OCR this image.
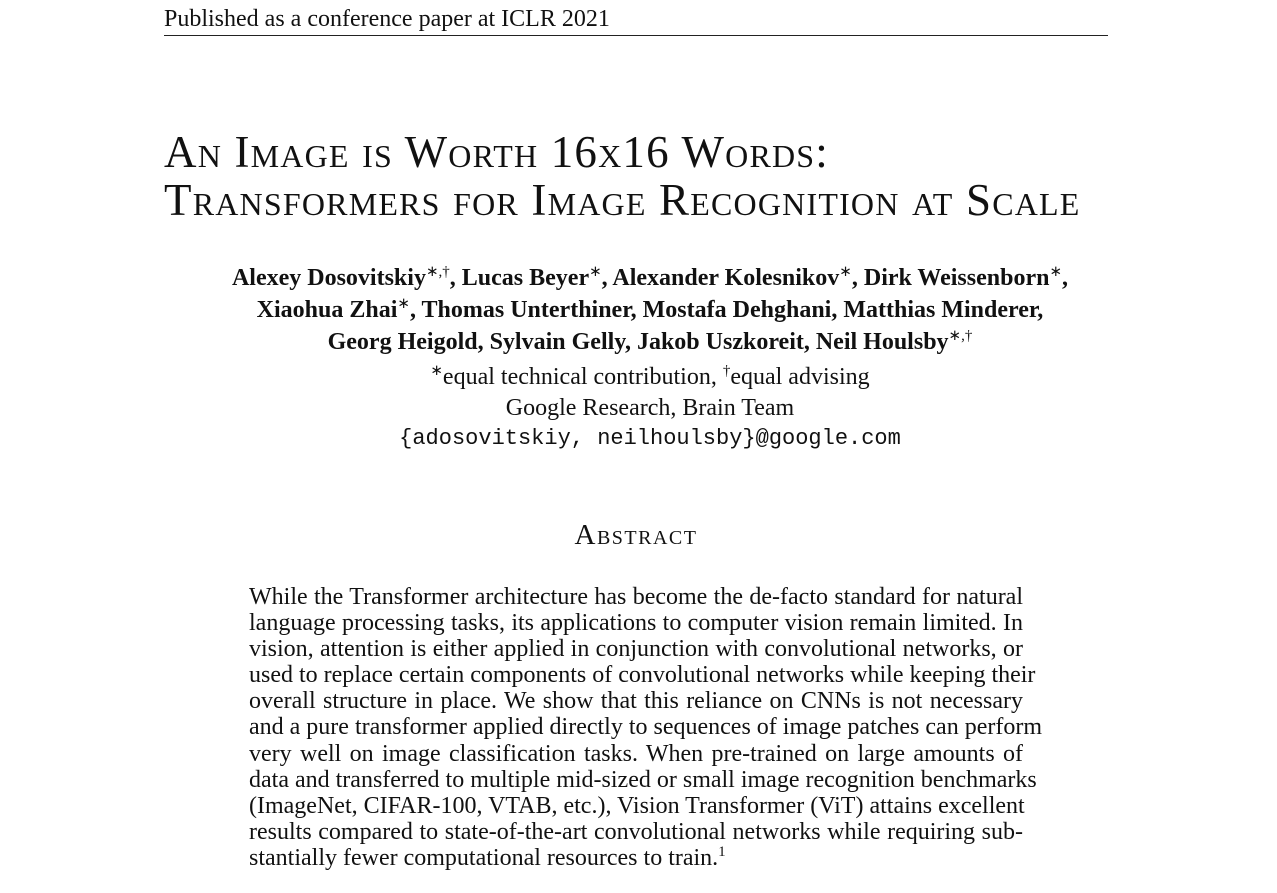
Published as a conference paper at ICLR 2021
An Image is Worth 16x16 Words:
Transformers for Image Recognition at Scale
Alexey Dosovitskiy∗,†, Lucas Beyer∗, Alexander Kolesnikov∗, Dirk Weissenborn∗,
Xiaohua Zhai∗, Thomas Unterthiner, Mostafa Dehghani, Matthias Minderer,
Georg Heigold, Sylvain Gelly, Jakob Uszkoreit, Neil Houlsby∗,†
∗equal technical contribution, †equal advising
Google Research, Brain Team
{adosovitskiy, neilhoulsby}@google.com
Abstract
While the Transformer architecture has become the de-facto standard for natural
language processing tasks, its applications to computer vision remain limited. In
vision, attention is either applied in conjunction with convolutional networks, or
used to replace certain components of convolutional networks while keeping their
overall structure in place. We show that this reliance on CNNs is not necessary
and a pure transformer applied directly to sequences of image patches can perform
very well on image classification tasks. When pre-trained on large amounts of
data and transferred to multiple mid-sized or small image recognition benchmarks
(ImageNet, CIFAR-100, VTAB, etc.), Vision Transformer (ViT) attains excellent
results compared to state-of-the-art convolutional networks while requiring sub-
stantially fewer computational resources to train.$^1$
